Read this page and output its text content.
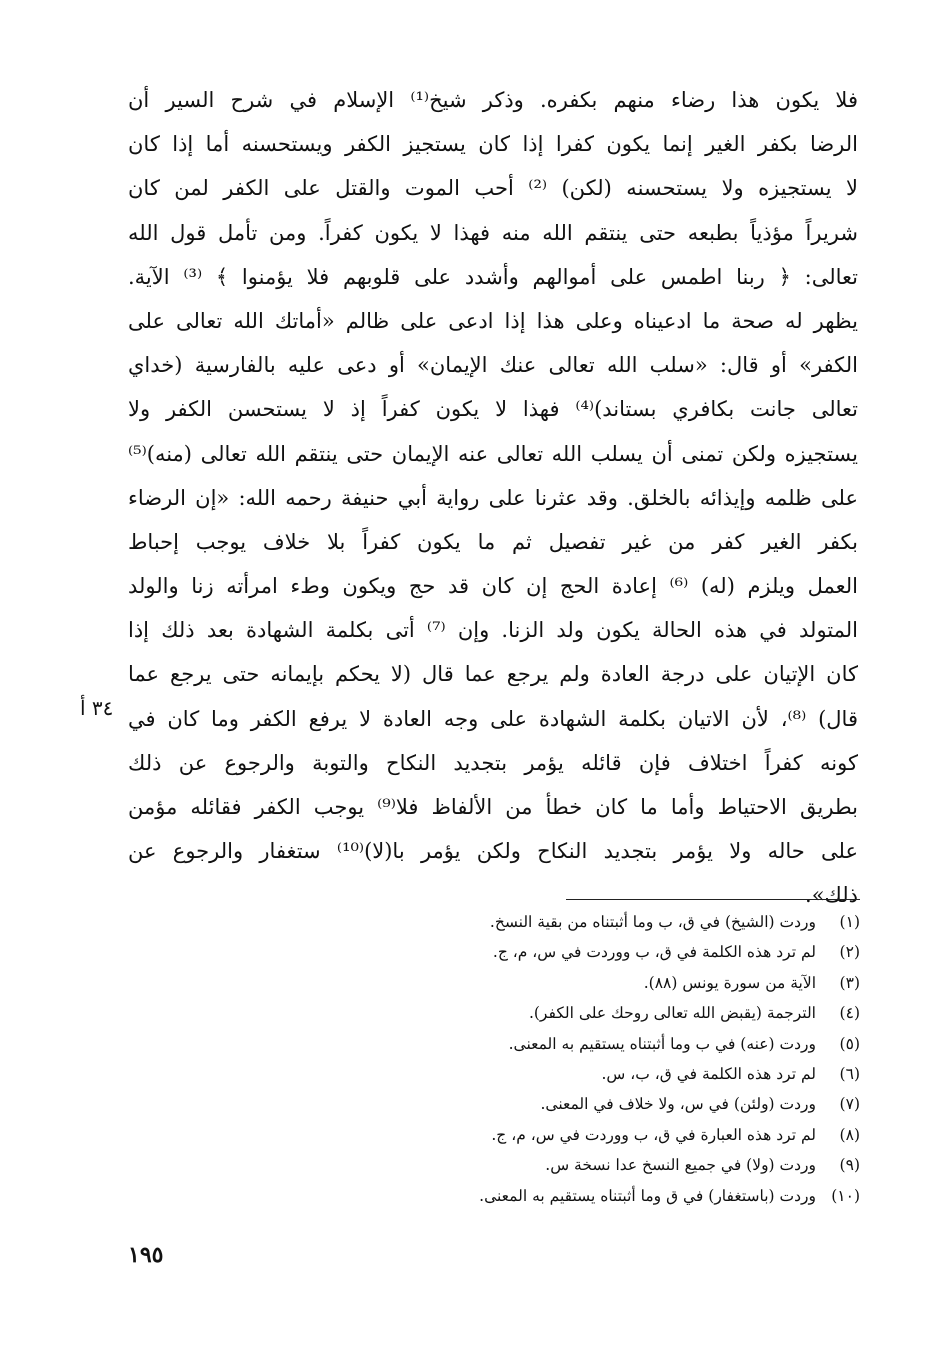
فلا يكون هذا رضاء منهم بكفره. وذكر شيخ⁽¹⁾ الإسلام في شرح السير أن
الرضا بكفر الغير إنما يكون كفرا إذا كان يستجيز الكفر ويستحسنه أما إذا كان
لا يستجيزه ولا يستحسنه (لكن) ⁽²⁾ أحب الموت والقتل على الكفر لمن كان
شريراً مؤذياً بطبعه حتى ينتقم الله منه فهذا لا يكون كفراً. ومن تأمل قول الله
تعالى: ﴿ ربنا اطمس على أموالهم وأشدد على قلوبهم فلا يؤمنوا ﴾ ⁽³⁾ الآية.
يظهر له صحة ما ادعيناه وعلى هذا إذا ادعى على ظالم «أماتك الله تعالى على
الكفر» أو قال: «سلب الله تعالى عنك الإيمان» أو دعى عليه بالفارسية (خداي
تعالى جانت بكافري بستاند)⁽⁴⁾ فهذا لا يكون كفراً إذ لا يستحسن الكفر ولا
يستجيزه ولكن تمنى أن يسلب الله تعالى عنه الإيمان حتى ينتقم الله تعالى (منه)⁽⁵⁾
على ظلمه وإيذائه بالخلق. وقد عثرنا على رواية أبي حنيفة رحمه الله: «إن الرضاء
بكفر الغير كفر من غير تفصيل ثم ما يكون كفراً بلا خلاف يوجب إحباط
العمل ويلزم (له) ⁽⁶⁾ إعادة الحج إن كان قد حج ويكون وطء امرأته زنا والولد
المتولد في هذه الحالة يكون ولد الزنا. وإن ⁽⁷⁾ أتى بكلمة الشهادة بعد ذلك إذا
كان الإتيان على درجة العادة ولم يرجع عما قال (لا يحكم بإيمانه حتى يرجع عما
قال) ⁽⁸⁾، لأن الاتيان بكلمة الشهادة على وجه العادة لا يرفع الكفر وما كان في
كونه كفراً اختلاف فإن قائله يؤمر بتجديد النكاح والتوبة والرجوع عن ذلك
بطريق الاحتياط وأما ما كان خطأ من الألفاظ فلا⁽⁹⁾ يوجب الكفر فقائله مؤمن
على حاله ولا يؤمر بتجديد النكاح ولكن يؤمر با(لا)⁽¹⁰⁾ ستغفار والرجوع عن
ذلك».
٣٤ أ
(١)
وردت (الشيخ) في ق، ب وما أثبتناه من بقية النسخ.
(٢)
لم ترد هذه الكلمة في ق، ب ووردت في س، م، ج.
(٣)
الآية من سورة يونس (٨٨).
(٤)
الترجمة (يقبض الله تعالى روحك على الكفر).
(٥)
وردت (عنه) في ب وما أثبتناه يستقيم به المعنى.
(٦)
لم ترد هذه الكلمة في ق، ب، س.
(٧)
وردت (ولئن) في س، ولا خلاف في المعنى.
(٨)
لم ترد هذه العبارة في ق، ب ووردت في س، م، ج.
(٩)
وردت (ولا) في جميع النسخ عدا نسخة س.
(١٠)
وردت (باستغفار) في ق وما أثبتناه يستقيم به المعنى.
١٩٥
